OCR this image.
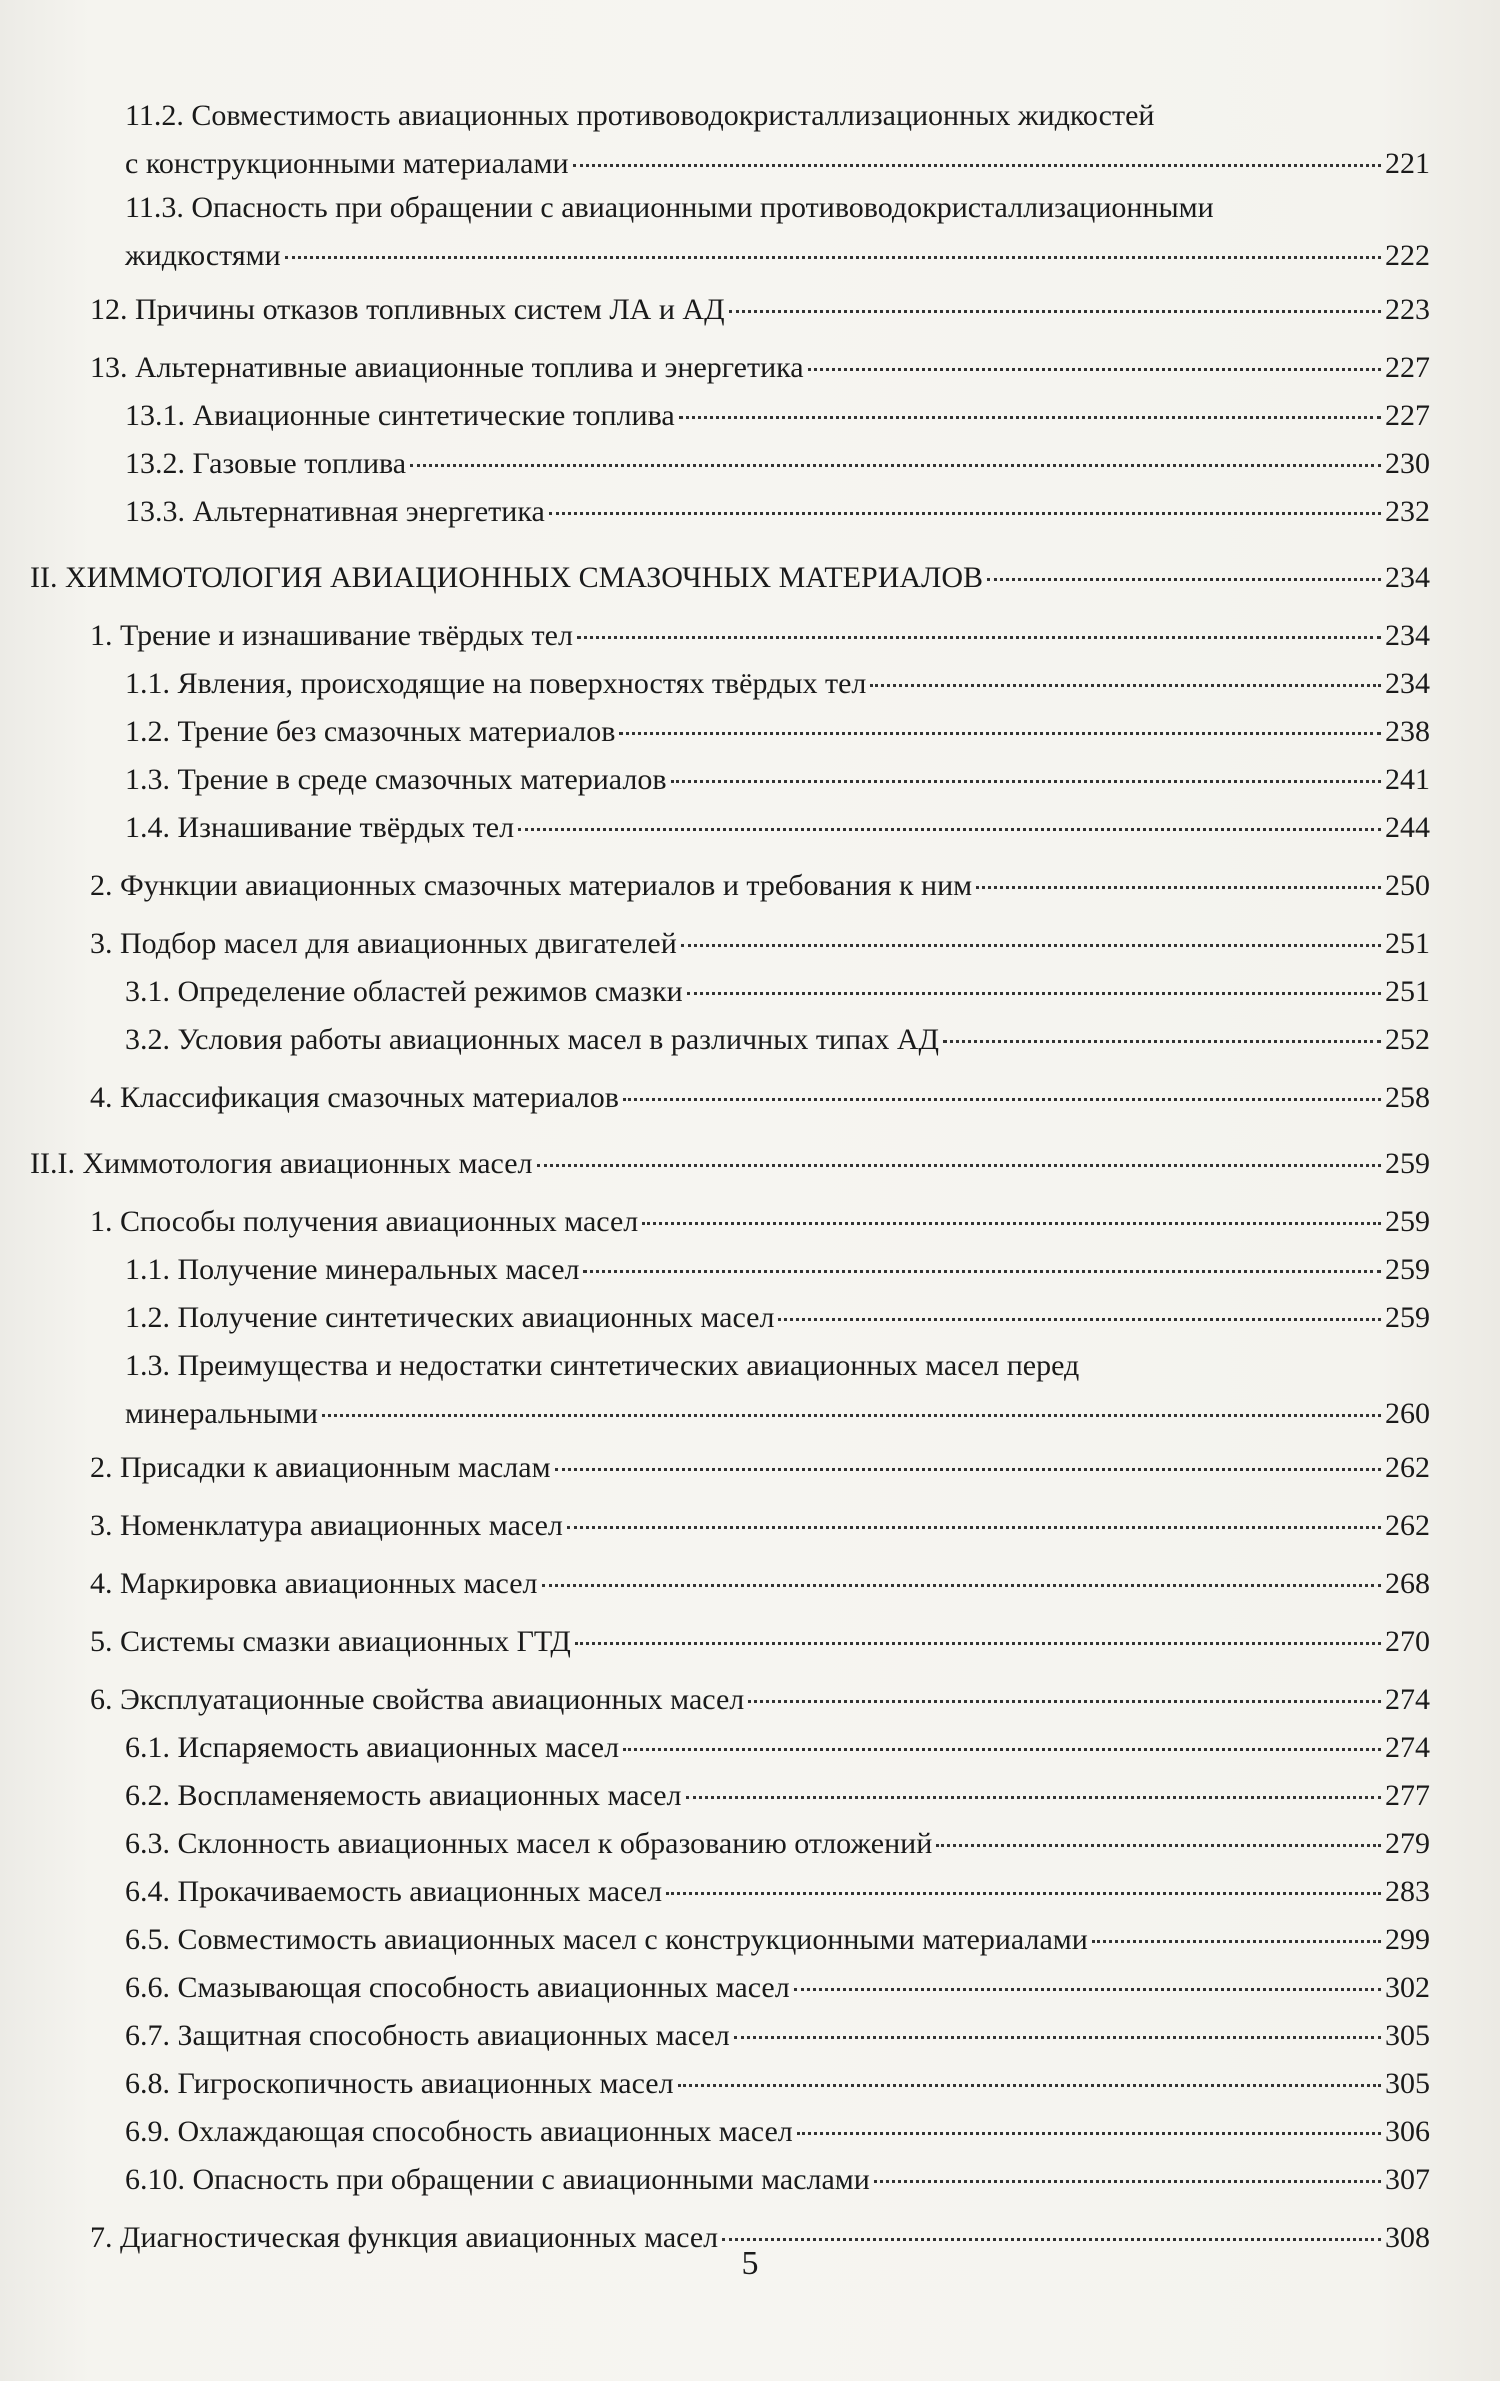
11.2. Совместимость авиационных противоводокристаллизационных жидкостей
с конструкционными материалами	221
11.3. Опасность при обращении с авиационными противоводокристаллизационными
жидкостями	222
12. Причины отказов топливных систем ЛА и АД	223
13. Альтернативные авиационные топлива и энергетика	227
13.1. Авиационные синтетические топлива	227
13.2. Газовые топлива	230
13.3. Альтернативная энергетика	232
II. ХИММОТОЛОГИЯ АВИАЦИОННЫХ СМАЗОЧНЫХ МАТЕРИАЛОВ	234
1. Трение и изнашивание твёрдых тел	234
1.1. Явления, происходящие на поверхностях твёрдых тел	234
1.2. Трение без смазочных материалов	238
1.3. Трение в среде смазочных материалов	241
1.4. Изнашивание твёрдых тел	244
2. Функции авиационных смазочных материалов и требования к ним	250
3. Подбор масел для авиационных двигателей	251
3.1. Определение областей режимов смазки	251
3.2. Условия работы авиационных масел в различных типах АД	252
4. Классификация смазочных материалов	258
II.I. Химмотология авиационных масел	259
1. Способы получения авиационных масел	259
1.1. Получение минеральных масел	259
1.2. Получение синтетических авиационных масел	259
1.3. Преимущества и недостатки синтетических авиационных масел перед
минеральными	260
2. Присадки к авиационным маслам	262
3. Номенклатура авиационных масел	262
4. Маркировка авиационных масел	268
5. Системы смазки авиационных ГТД	270
6. Эксплуатационные свойства авиационных масел	274
6.1. Испаряемость авиационных масел	274
6.2. Воспламеняемость авиационных масел	277
6.3. Склонность авиационных масел к образованию отложений	279
6.4. Прокачиваемость авиационных масел	283
6.5. Совместимость авиационных масел с конструкционными материалами	299
6.6. Смазывающая способность авиационных масел	302
6.7. Защитная способность авиационных масел	305
6.8. Гигроскопичность авиационных масел	305
6.9. Охлаждающая способность авиационных масел	306
6.10. Опасность при обращении с авиационными маслами	307
7. Диагностическая функция авиационных масел	308
5
